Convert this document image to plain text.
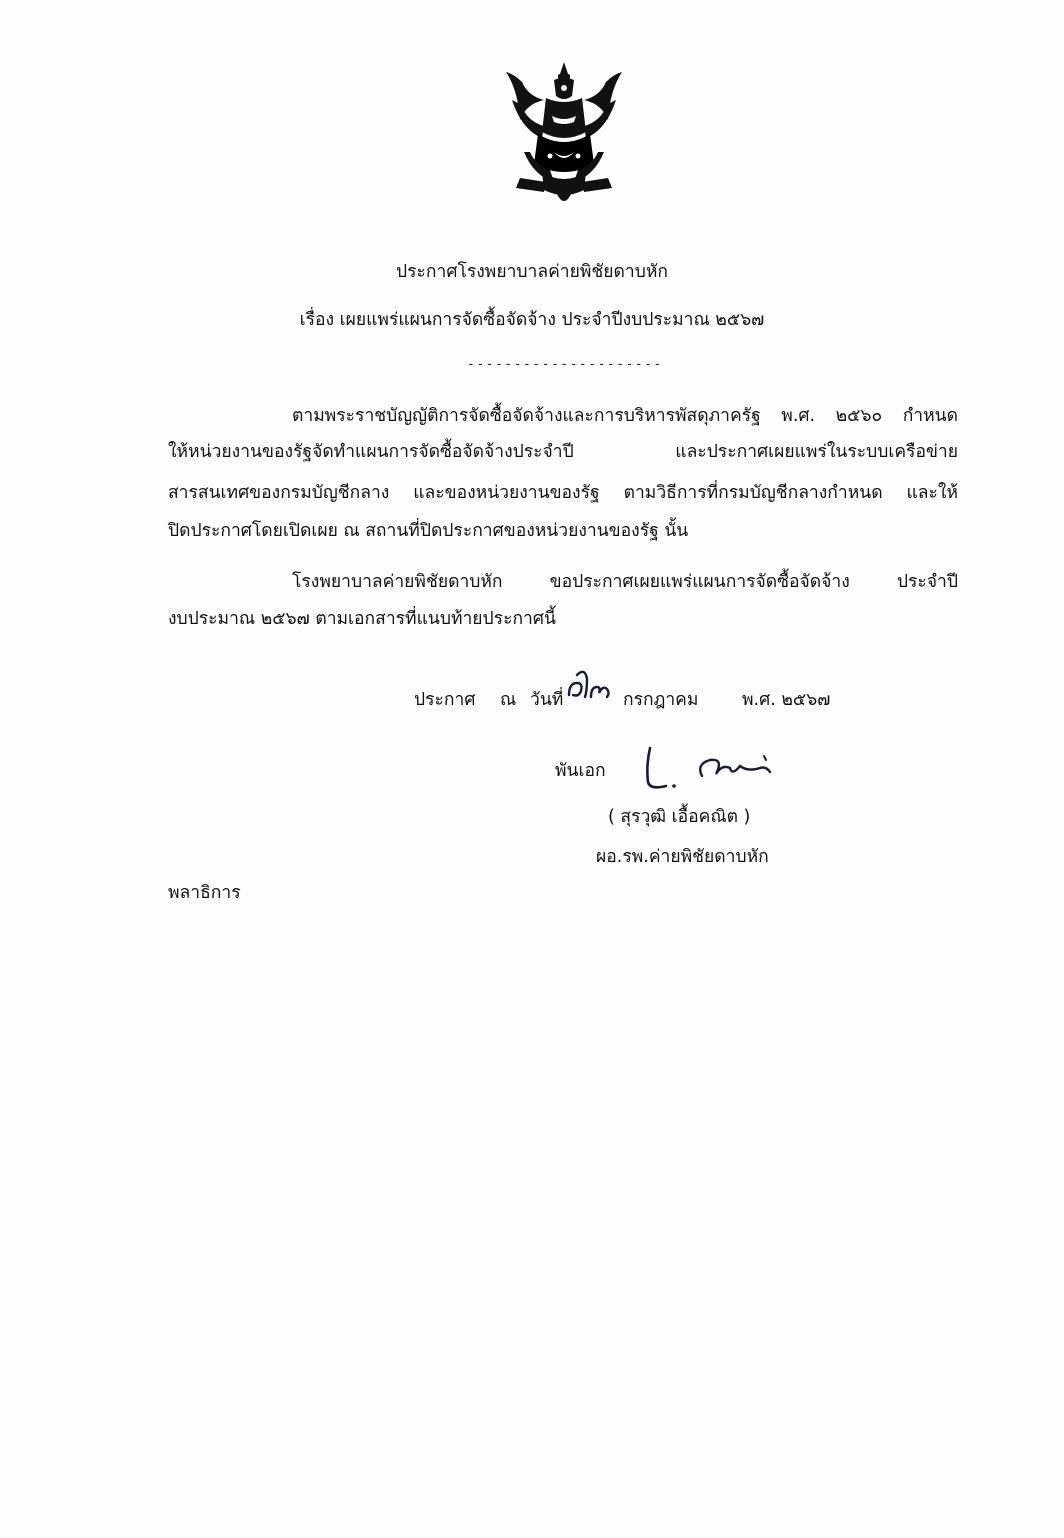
ประกาศโรงพยาบาลค่ายพิชัยดาบหัก
เรื่อง เผยแพร่แผนการจัดซื้อจัดจ้าง ประจำปีงบประมาณ ๒๕๖๗
---------------------
ตามพระราชบัญญัติการจัดซื้อจัดจ้างและการบริหารพัสดุภาครัฐ พ.ศ. ๒๕๖๐ กำหนด
ให้หน่วยงานของรัฐจัดทำแผนการจัดซื้อจัดจ้างประจำปี และประกาศเผยแพร่ในระบบเครือข่าย
สารสนเทศของกรมบัญชีกลาง และของหน่วยงานของรัฐ ตามวิธีการที่กรมบัญชีกลางกำหนด และให้
ปิดประกาศโดยเปิดเผย ณ สถานที่ปิดประกาศของหน่วยงานของรัฐ นั้น
โรงพยาบาลค่ายพิชัยดาบหัก ขอประกาศเผยแพร่แผนการจัดซื้อจัดจ้าง ประจำปี
งบประมาณ ๒๕๖๗ ตามเอกสารที่แนบท้ายประกาศนี้
ประกาศ ณ วันที่	กรกฎาคม พ.ศ. ๒๕๖๗
พันเอก
( สุรวุฒิ เอื้อคณิต )
ผอ.รพ.ค่ายพิชัยดาบหัก
พลาธิการ
